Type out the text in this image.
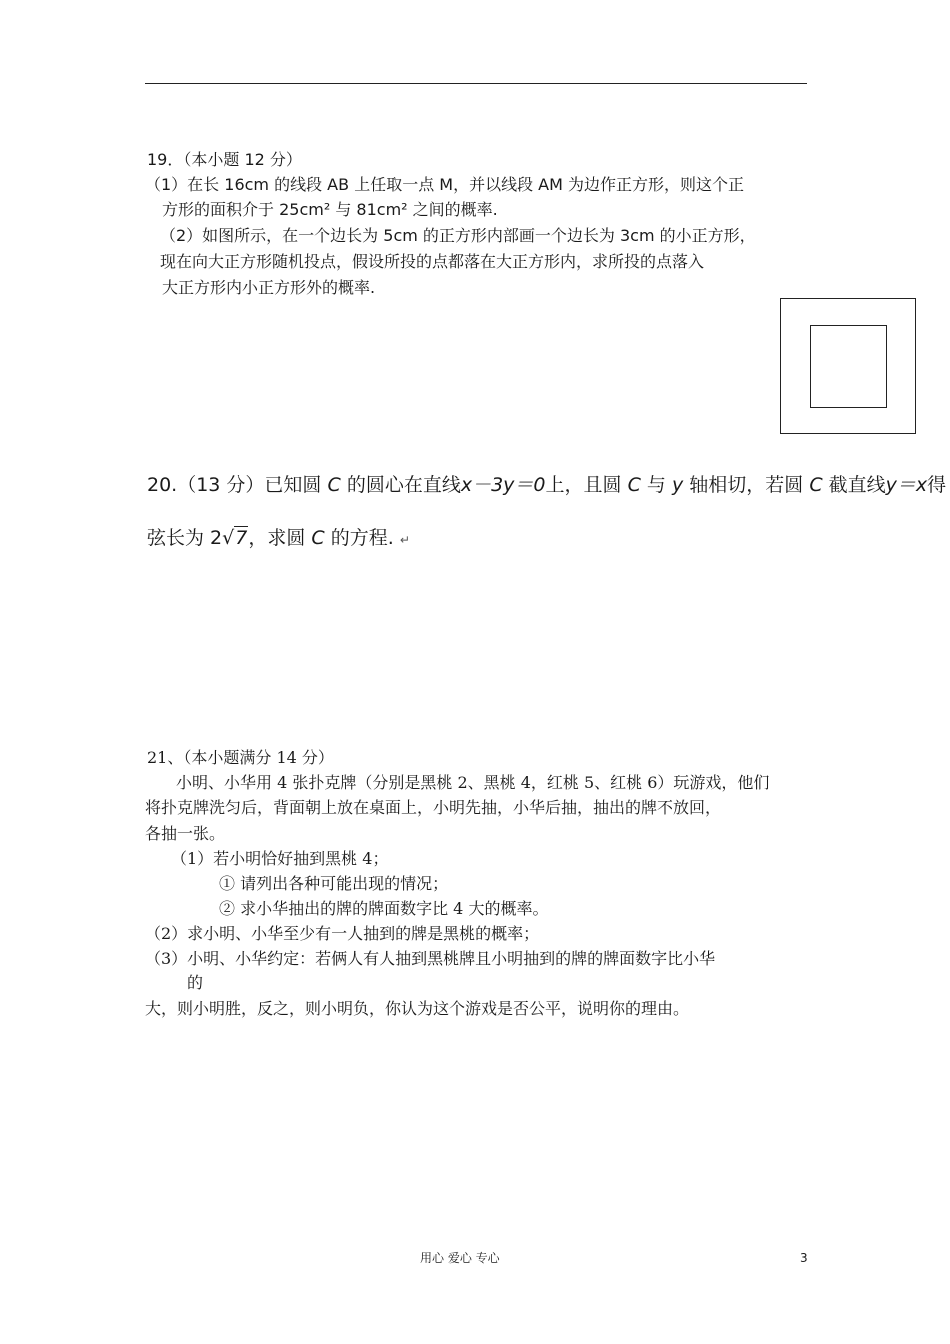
19．（本小题 12 分）
（1）在长 16cm 的线段 AB 上任取一点 M，并以线段 AM 为边作正方形，则这个正
方形的面积介于 25cm² 与 81cm² 之间的概率.
（2）如图所示，在一个边长为 5cm 的正方形内部画一个边长为 3cm 的小正方形，
现在向大正方形随机投点，假设所投的点都落在大正方形内，求所投的点落入
大正方形内小正方形外的概率.
20.（13 分）已知圆 C 的圆心在直线x－3y＝0上，且圆 C 与 y 轴相切，若圆 C 截直线y＝x得
弦长为 2√7，求圆 C 的方程. ↵
21、（本小题满分 14 分）
小明、小华用 4 张扑克牌（分别是黑桃 2、黑桃 4，红桃 5、红桃 6）玩游戏，他们
将扑克牌洗匀后，背面朝上放在桌面上，小明先抽，小华后抽，抽出的牌不放回，
各抽一张。
（1）若小明恰好抽到黑桃 4；
① 请列出各种可能出现的情况；
② 求小华抽出的牌的牌面数字比 4 大的概率。
（2）求小明、小华至少有一人抽到的牌是黑桃的概率；
（3）小明、小华约定：若俩人有人抽到黑桃牌且小明抽到的牌的牌面数字比小华
的
大，则小明胜，反之，则小明负，你认为这个游戏是否公平，说明你的理由。
用心 爱心 专心	3
